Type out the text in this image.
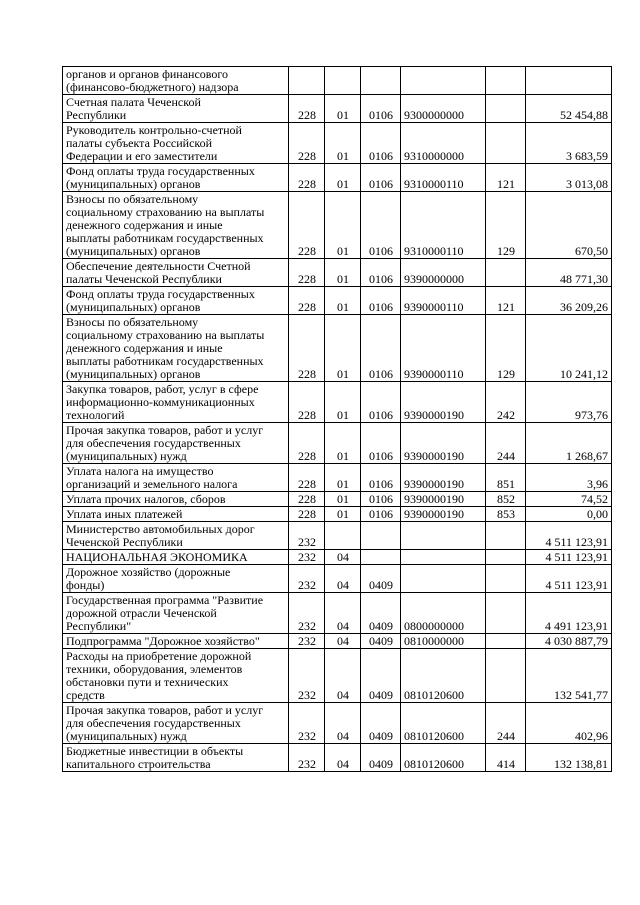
органов и органов финансового
(финансово-бюджетного) надзора						

Счетная палата Чеченской
Республики	228	01	0106	9300000000		52 454,88

Руководитель контрольно-счетной
палаты субъекта Российской
Федерации и его заместители	228	01	0106	9310000000		3 683,59

Фонд оплаты труда государственных
(муниципальных) органов	228	01	0106	9310000110	121	3 013,08

Взносы по обязательному
социальному страхованию на выплаты
денежного содержания и иные
выплаты работникам государственных
(муниципальных) органов	228	01	0106	9310000110	129	670,50

Обеспечение деятельности Счетной
палаты Чеченской Республики	228	01	0106	9390000000		48 771,30

Фонд оплаты труда государственных
(муниципальных) органов	228	01	0106	9390000110	121	36 209,26

Взносы по обязательному
социальному страхованию на выплаты
денежного содержания и иные
выплаты работникам государственных
(муниципальных) органов	228	01	0106	9390000110	129	10 241,12

Закупка товаров, работ, услуг в сфере
информационно-коммуникационных
технологий	228	01	0106	9390000190	242	973,76

Прочая закупка товаров, работ и услуг
для обеспечения государственных
(муниципальных) нужд	228	01	0106	9390000190	244	1 268,67

Уплата налога на имущество
организаций и земельного налога	228	01	0106	9390000190	851	3,96

Уплата прочих налогов, сборов	228	01	0106	9390000190	852	74,52

Уплата иных платежей	228	01	0106	9390000190	853	0,00

Министерство автомобильных дорог
Чеченской Республики	232					4 511 123,91

НАЦИОНАЛЬНАЯ ЭКОНОМИКА	232	04				4 511 123,91

Дорожное хозяйство (дорожные
фонды)	232	04	0409			4 511 123,91

Государственная программа "Развитие
дорожной отрасли Чеченской
Республики"	232	04	0409	0800000000		4 491 123,91

Подпрограмма "Дорожное хозяйство"	232	04	0409	0810000000		4 030 887,79

Расходы на приобретение дорожной
техники, оборудования, элементов
обстановки пути и технических
средств	232	04	0409	0810120600		132 541,77

Прочая закупка товаров, работ и услуг
для обеспечения государственных
(муниципальных) нужд	232	04	0409	0810120600	244	402,96

Бюджетные инвестиции в объекты
капитального строительства	232	04	0409	0810120600	414	132 138,81
